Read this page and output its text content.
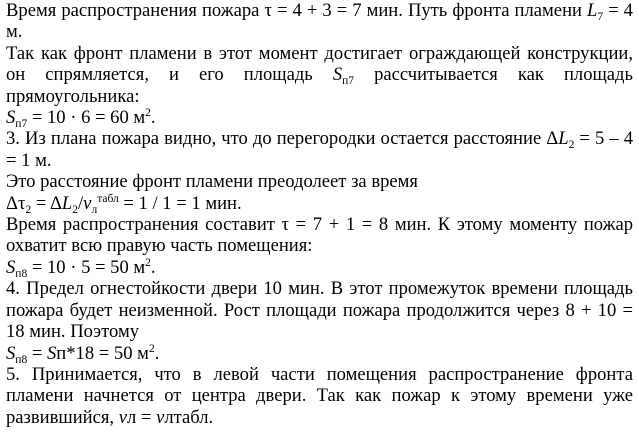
Время распространения пожара τ = 4 + 3 = 7 мин. Путь фронта пламени $L_7 = 4$ м.

Так как фронт пламени в этот момент достигает ограждающей конструкции, он спрямляется, и его площадь $S_{п7}$ рассчитывается как площадь прямоугольника:

$S_{п7} = 10 \cdot 6 = 60$ $м^2$.

3. Из плана пожара видно, что до перегородки остается расстояние $\Delta L_2 = 5 - 4 = 1$ м.

Это расстояние фронт пламени преодолеет за время

$\Delta\tau_2 = \Delta L_2/v_л^{табл} = 1 / 1 = 1$ мин.

Время распространения составит τ = 7 + 1 = 8 мин. К этому моменту пожар охватит всю правую часть помещения:

$S_{п8} = 10 \cdot 5 = 50$ $м^2$.

4. Предел огнестойкости двери 10 мин. В этот промежуток времени площадь пожара будет неизменной. Рост площади пожара продолжится через 8 + 10 = 18 мин. Поэтому

$S_{п8} = Sп*18 = 50$ $м^2$.

5. Принимается, что в левой части помещения распространение фронта пламени начнется от центра двери. Так как пожар к этому времени уже развившийся, vл = vлтабл.
